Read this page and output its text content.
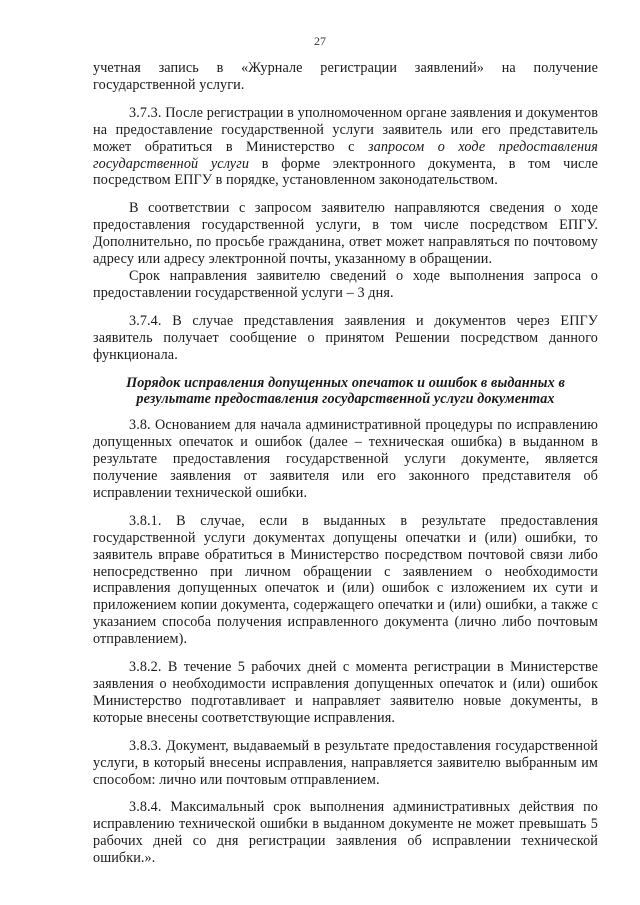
27

учетная запись в «Журнале регистрации заявлений» на получение государственной услуги.

3.7.3. После регистрации в уполномоченном органе заявления и документов на предоставление государственной услуги заявитель или его представитель может обратиться в Министерство с запросом о ходе предоставления государственной услуги в форме электронного документа, в том числе посредством ЕПГУ в порядке, установленном законодательством.

В соответствии с запросом заявителю направляются сведения о ходе предоставления государственной услуги, в том числе посредством ЕПГУ. Дополнительно, по просьбе гражданина, ответ может направляться по почтовому адресу или адресу электронной почты, указанному в обращении.

Срок направления заявителю сведений о ходе выполнения запроса о предоставлении государственной услуги – 3 дня.

3.7.4. В случае представления заявления и документов через ЕПГУ заявитель получает сообщение о принятом Решении посредством данного функционала.

Порядок исправления допущенных опечаток и ошибок в выданных в результате предоставления государственной услуги документах

3.8. Основанием для начала административной процедуры по исправлению допущенных опечаток и ошибок (далее – техническая ошибка) в выданном в результате предоставления государственной услуги документе, является получение заявления от заявителя или его законного представителя об исправлении технической ошибки.

3.8.1. В случае, если в выданных в результате предоставления государственной услуги документах допущены опечатки и (или) ошибки, то заявитель вправе обратиться в Министерство посредством почтовой связи либо непосредственно при личном обращении с заявлением о необходимости исправления допущенных опечаток и (или) ошибок с изложением их сути и приложением копии документа, содержащего опечатки и (или) ошибки, а также с указанием способа получения исправленного документа (лично либо почтовым отправлением).

3.8.2. В течение 5 рабочих дней с момента регистрации в Министерстве заявления о необходимости исправления допущенных опечаток и (или) ошибок Министерство подготавливает и направляет заявителю новые документы, в которые внесены соответствующие исправления.

3.8.3. Документ, выдаваемый в результате предоставления государственной услуги, в который внесены исправления, направляется заявителю выбранным им способом: лично или почтовым отправлением.

3.8.4. Максимальный срок выполнения административных действия по исправлению технической ошибки в выданном документе не может превышать 5 рабочих дней со дня регистрации заявления об исправлении технической ошибки.».
